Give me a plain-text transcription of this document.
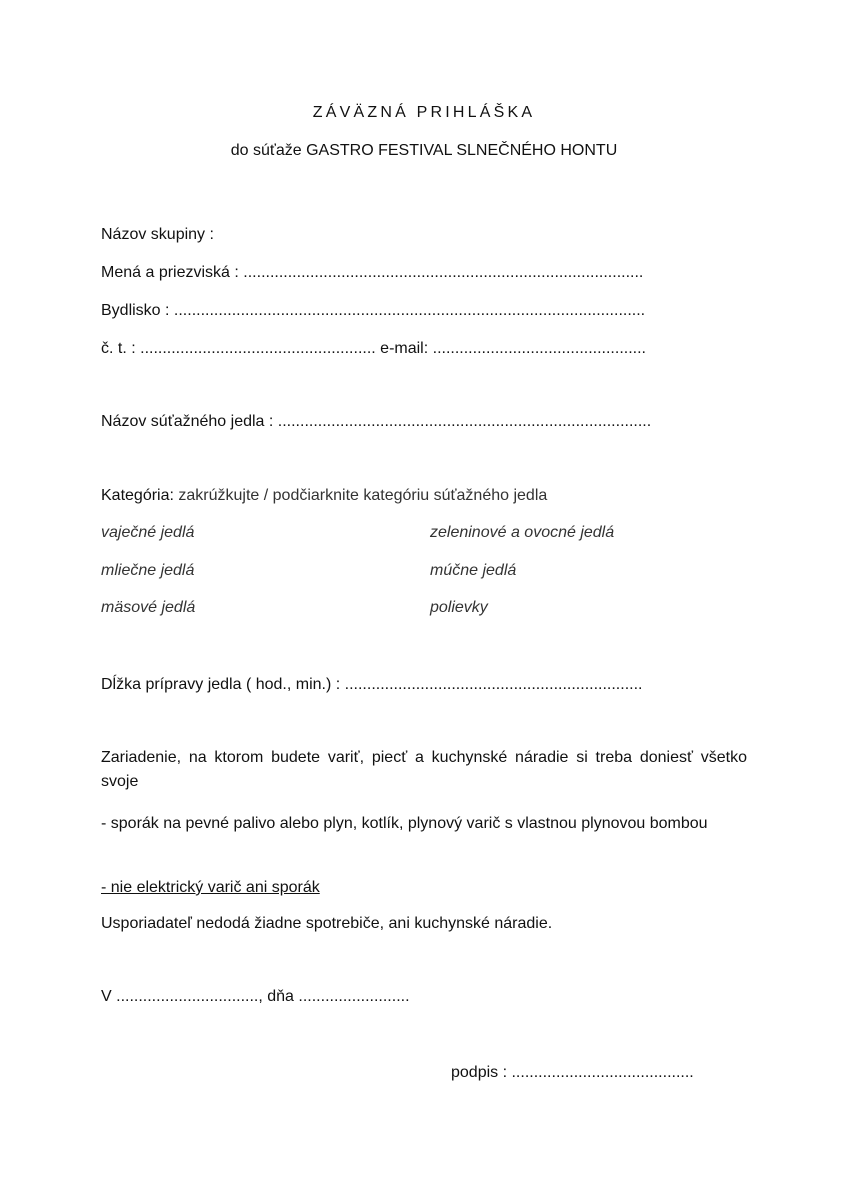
ZÁVÄZNÁ PRIHLÁŠKA
do súťaže GASTRO FESTIVAL SLNEČNÉHO HONTU
Názov skupiny :
Mená a priezviská : ..........................................................................................
Bydlisko : ..........................................................................................................
č. t. : ..................................................... e-mail: ................................................
Názov súťažného jedla : ....................................................................................
Kategória: zakrúžkujte / podčiarknite kategóriu súťažného jedla
vaječné jedlá	zeleninové a ovocné jedlá
mliečne jedlá	múčne jedlá
mäsové jedlá	polievky
Dĺžka prípravy jedla ( hod., min.) : ...................................................................
Zariadenie, na ktorom budete variť, piecť a kuchynské náradie si treba doniesť všetko svoje
- sporák na pevné palivo alebo plyn, kotlík, plynový varič s vlastnou plynovou bombou
- nie elektrický varič ani sporák
Usporiadateľ nedodá žiadne spotrebiče, ani kuchynské náradie.
V ................................, dňa .........................
podpis : .........................................
